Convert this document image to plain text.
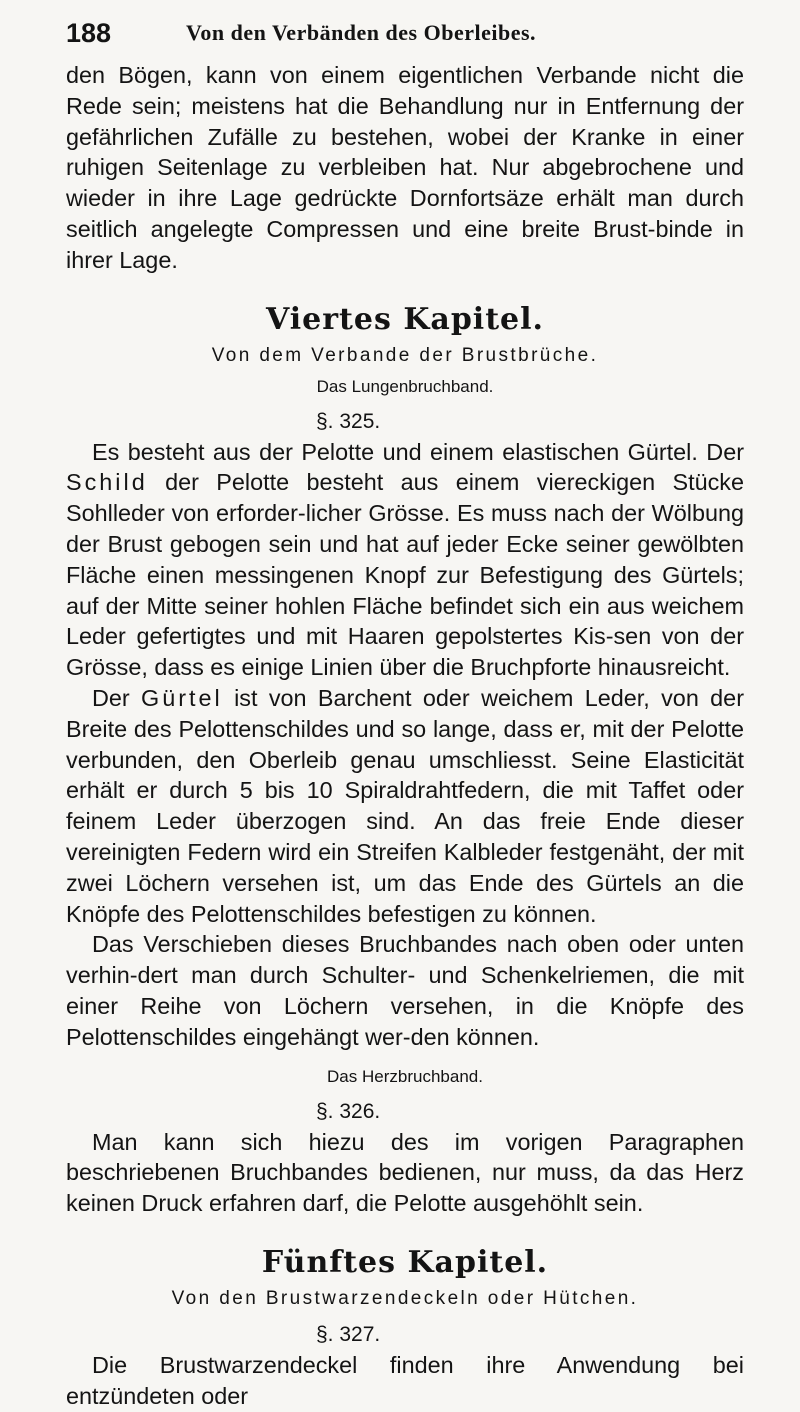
188	Von den Verbänden des Oberleibes.

den Bögen, kann von einem eigentlichen Verbande nicht die Rede sein; meistens hat die Behandlung nur in Entfernung der gefährlichen Zufälle zu bestehen, wobei der Kranke in einer ruhigen Seitenlage zu verbleiben hat. Nur abgebrochene und wieder in ihre Lage gedrückte Dornfortsäze erhält man durch seitlich angelegte Compressen und eine breite Brust-binde in ihrer Lage.

Viertes Kapitel.
Von dem Verbande der Brustbrüche.
Das Lungenbruchband.
§. 325.

Es besteht aus der Pelotte und einem elastischen Gürtel. Der Schild der Pelotte besteht aus einem viereckigen Stücke Sohlleder von erforder-licher Grösse. Es muss nach der Wölbung der Brust gebogen sein und hat auf jeder Ecke seiner gewölbten Fläche einen messingenen Knopf zur Befestigung des Gürtels; auf der Mitte seiner hohlen Fläche befindet sich ein aus weichem Leder gefertigtes und mit Haaren gepolstertes Kis-sen von der Grösse, dass es einige Linien über die Bruchpforte hinausreicht.

Der Gürtel ist von Barchent oder weichem Leder, von der Breite des Pelottenschildes und so lange, dass er, mit der Pelotte verbunden, den Oberleib genau umschliesst. Seine Elasticität erhält er durch 5 bis 10 Spiraldrahtfedern, die mit Taffet oder feinem Leder überzogen sind. An das freie Ende dieser vereinigten Federn wird ein Streifen Kalbleder festgenäht, der mit zwei Löchern versehen ist, um das Ende des Gürtels an die Knöpfe des Pelottenschildes befestigen zu können.

Das Verschieben dieses Bruchbandes nach oben oder unten verhin-dert man durch Schulter- und Schenkelriemen, die mit einer Reihe von Löchern versehen, in die Knöpfe des Pelottenschildes eingehängt wer-den können.

Das Herzbruchband.
§. 326.

Man kann sich hiezu des im vorigen Paragraphen beschriebenen Bruchbandes bedienen, nur muss, da das Herz keinen Druck erfahren darf, die Pelotte ausgehöhlt sein.

Fünftes Kapitel.
Von den Brustwarzendeckeln oder Hütchen.
§. 327.

Die Brustwarzendeckel finden ihre Anwendung bei entzündeten oder
